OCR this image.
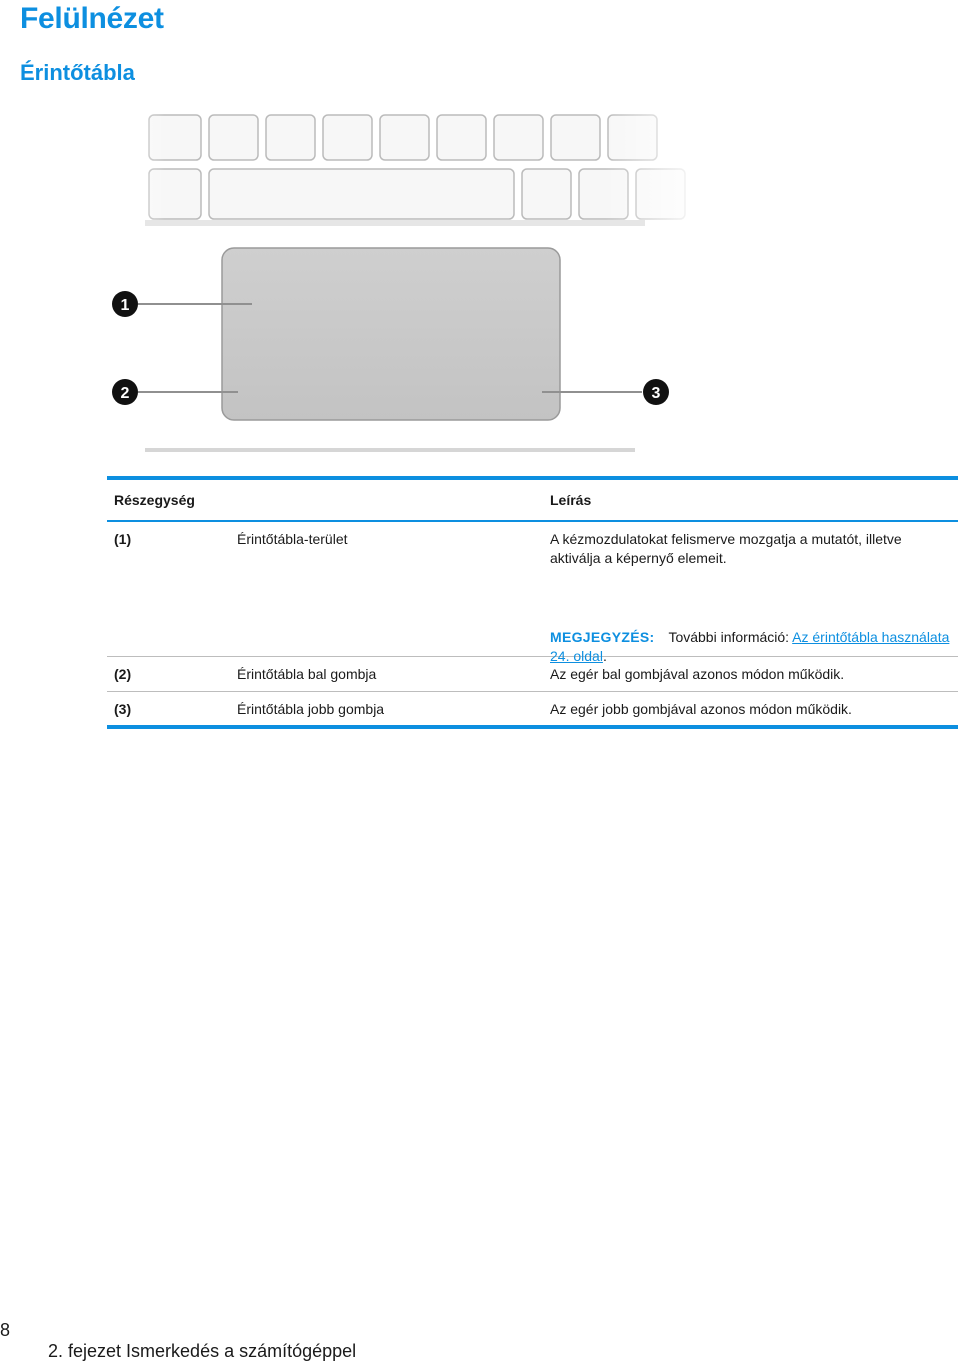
Felülnézet
Érintőtábla
1
2	3
Részegység	Leírás
(1)	Érintőtábla-terület	A kézmozdulatokat felismerve mozgatja a mutatót, illetve aktiválja a képernyő elemeit.
MEGJEGYZÉS: További információ: Az érintőtábla használata 24. oldal.
(2)	Érintőtábla bal gombja	Az egér bal gombjával azonos módon működik.
(3)	Érintőtábla jobb gombja	Az egér jobb gombjával azonos módon működik.

8

2. fejezet Ismerkedés a számítógéppel
